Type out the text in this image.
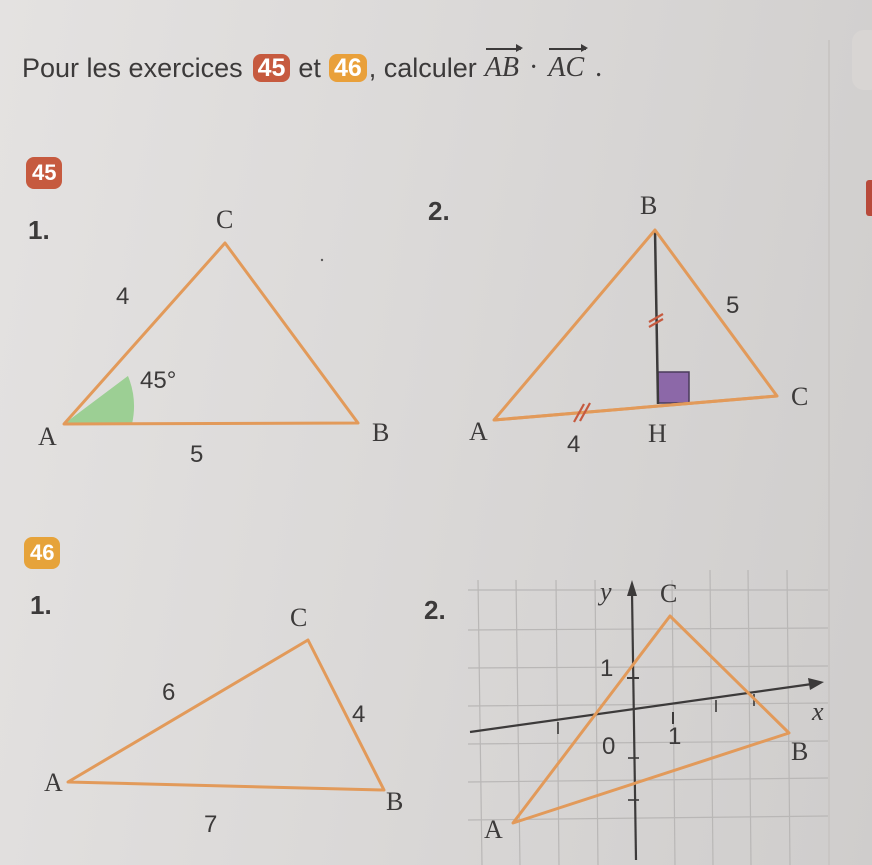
Pour les exercices 45 et 46 , calculer AB · AC .
45
1.
2.
46
1.	2.
A	B
C
4
5
45°
B
C
A	H
5
4
A
B
C
6
4
7
C
B
A
y
x
0 1
1
